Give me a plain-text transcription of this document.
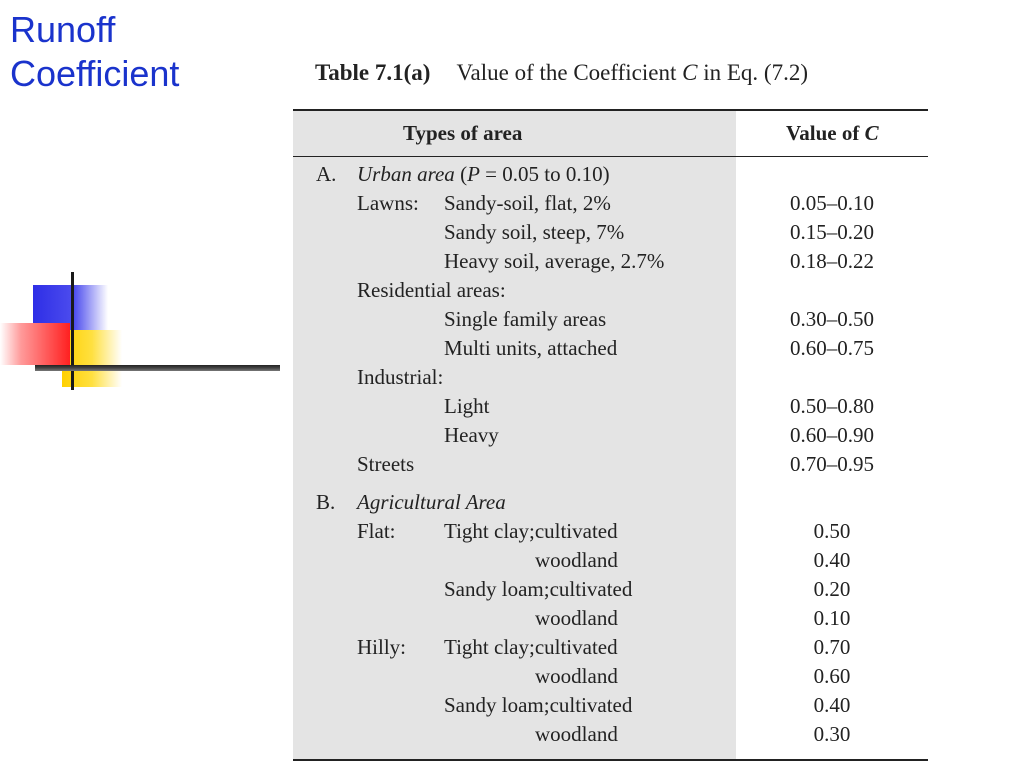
Runoff
Coefficient	Table 7.1(a) Value of the Coefficient C in Eq. (7.2)
Types of area	Value of C
A. Urban area (P = 0.05 to 0.10)
Lawns: Sandy-soil, flat, 2%	0.05–0.10
Sandy soil, steep, 7%	0.15–0.20
Heavy soil, average, 2.7%	0.18–0.22
Residential areas:
Single family areas	0.30–0.50
Multi units, attached	0.60–0.75
Industrial:
Light	0.50–0.80
Heavy	0.60–0.90
Streets	0.70–0.95
B. Agricultural Area
Flat: Tight clay;cultivated	0.50
woodland	0.40
Sandy loam;cultivated	0.20
woodland	0.10
Hilly: Tight clay;cultivated	0.70
woodland	0.60
Sandy loam;cultivated	0.40
woodland	0.30
